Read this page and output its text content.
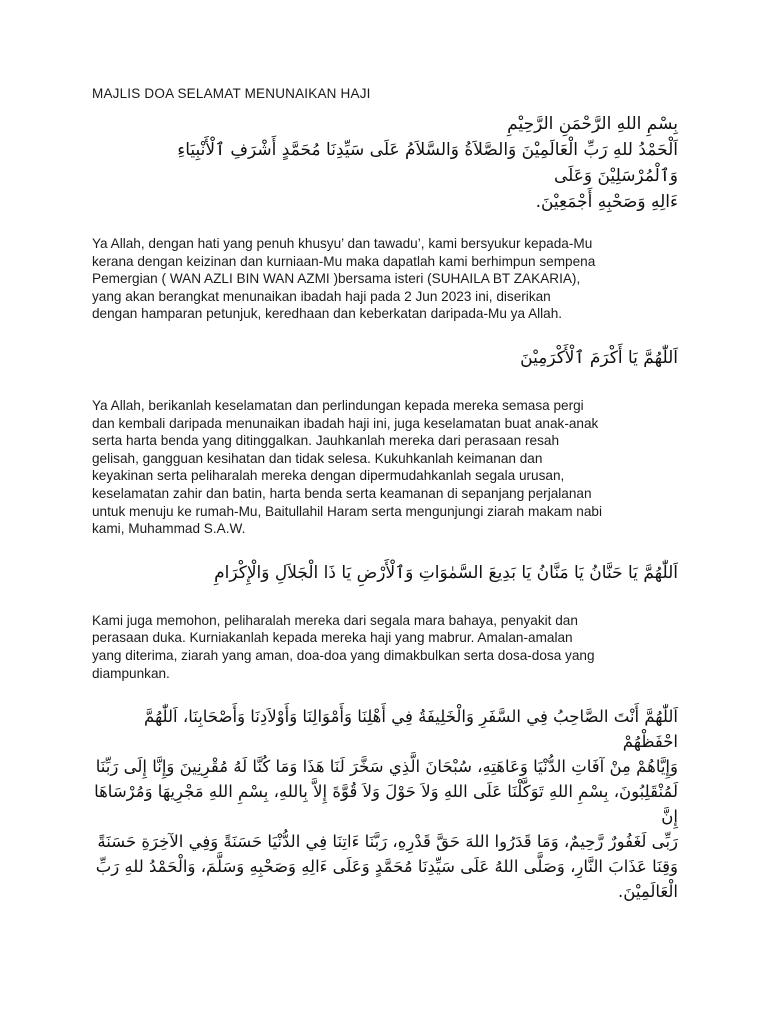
MAJLIS DOA SELAMAT MENUNAIKAN HAJI
بِسْمِ اللهِ الرَّحْمَنِ الرَّحِيْمِ
اَلْحَمْدُ للهِ رَبِّ الْعَالَمِيْنَ وَالصَّلاَةُ وَالسَّلاَمُ عَلَى سَيِّدِنَا مُحَمَّدٍ أَشْرَفِ ٱلْأَنْبِيَاءِ وَٱلْمُرْسَلِيْنَ وَعَلَى
ءَالِهِ وَصَحْبِهِ أَجْمَعِيْنَ.
Ya Allah, dengan hati yang penuh khusyu’ dan tawadu’, kami bersyukur kepada-Mu
kerana dengan keizinan dan kurniaan-Mu maka dapatlah kami berhimpun sempena
Pemergian ( WAN AZLI BIN WAN AZMI )bersama isteri (SUHAILA BT ZAKARIA),
yang akan berangkat menunaikan ibadah haji pada 2 Jun 2023 ini, diserikan
dengan hamparan petunjuk, keredhaan dan keberkatan daripada-Mu ya Allah.
اَللّٰهُمَّ يَا أَكْرَمَ ٱلْأَكْرَمِيْنَ
Ya Allah, berikanlah keselamatan dan perlindungan kepada mereka semasa pergi
dan kembali daripada menunaikan ibadah haji ini, juga keselamatan buat anak-anak
serta harta benda yang ditinggalkan. Jauhkanlah mereka dari perasaan resah
gelisah, gangguan kesihatan dan tidak selesa. Kukuhkanlah keimanan dan
keyakinan serta peliharalah mereka dengan dipermudahkanlah segala urusan,
keselamatan zahir dan batin, harta benda serta keamanan di sepanjang perjalanan
untuk menuju ke rumah-Mu, Baitullahil Haram serta mengunjungi ziarah makam nabi
kami, Muhammad S.A.W.
اَللّٰهُمَّ يَا حَنَّانُ يَا مَنَّانُ يَا بَدِيعَ السَّمٰوَاتِ وَٱلْأَرْضِ يَا ذَا الْجَلاَلِ وَالْإِكْرَامِ
Kami juga memohon, peliharalah mereka dari segala mara bahaya, penyakit dan
perasaan duka. Kurniakanlah kepada mereka haji yang mabrur. Amalan-amalan
yang diterima, ziarah yang aman, doa-doa yang dimakbulkan serta dosa-dosa yang
diampunkan.
اَللّٰهُمَّ أَنْتَ الصَّاحِبُ فِي السَّفَرِ وَالْخَلِيفَةُ فِي أَهْلِنَا وَأَمْوَالِنَا وَأَوْلاَدِنَا وَأَصْحَابِنَا، اَللّٰهُمَّ احْفَظْهُمْ
وَإِيَّاهُمْ مِنْ آفَاتِ الدُّنْيَا وَعَاهَتِهِ، سُبْحَانَ الَّذِي سَخَّرَ لَنَا هَذَا وَمَا كُنَّا لَهُ مُقْرِنِينَ وَإِنَّا إِلَى رَبِّنَا
لَمُنْقَلِبُونَ، بِسْمِ اللهِ تَوَكَّلْنَا عَلَى اللهِ وَلاَ حَوْلَ وَلاَ قُوَّةَ إِلاَّ بِاللهِ، بِسْمِ اللهِ مَجْرِيهَا وَمُرْسَاهَا إِنَّ
رَبِّى لَغَفُورٌ رَّحِيمٌ، وَمَا قَدَرُوا اللهَ حَقَّ قَدْرِهِ، رَبَّنَا ءَاتِنَا فِي الدُّنْيَا حَسَنَةً وَفِي الآخِرَةِ حَسَنَةً
وَقِنَا عَذَابَ النَّارِ، وَصَلَّى اللهُ عَلَى سَيِّدِنَا مُحَمَّدٍ وَعَلَى ءَالِهِ وَصَحْبِهِ وَسَلَّمَ، وَالْحَمْدُ للهِ رَبِّ
الْعَالَمِيْنَ.
